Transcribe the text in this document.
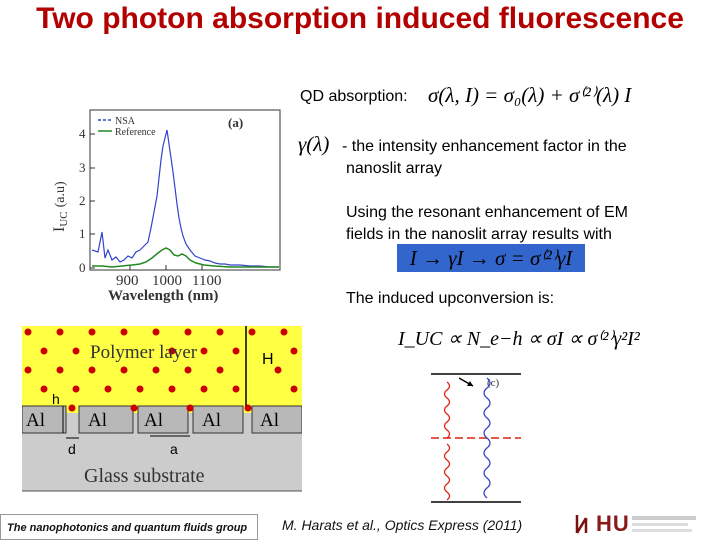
Two photon absorption induced fluorescence
QD absorption: σ(λ, I) = σ₀(λ) + σ⁽²⁾(λ) I
γ(λ) - the intensity enhancement factor in the
nanoslit array
Using the resonant enhancement of EM
fields in the nanoslit array results with
I → γI → σ = σ⁽²⁾γI
The induced upconversion is:
I_UC ∝ N_e−h ∝ σI ∝ σ⁽²⁾γ²I²
0
1
2
3
4
900 1000 1100
Wavelength (nm)
IUC(a.u)
NSA
Reference
(a)
H
h
d	a
Polymer layer
Al Al Al Al Al
Glass substrate
(c)
The nanophotonics and quantum fluids group M. Harats et al., Optics Express (2011)	HU
